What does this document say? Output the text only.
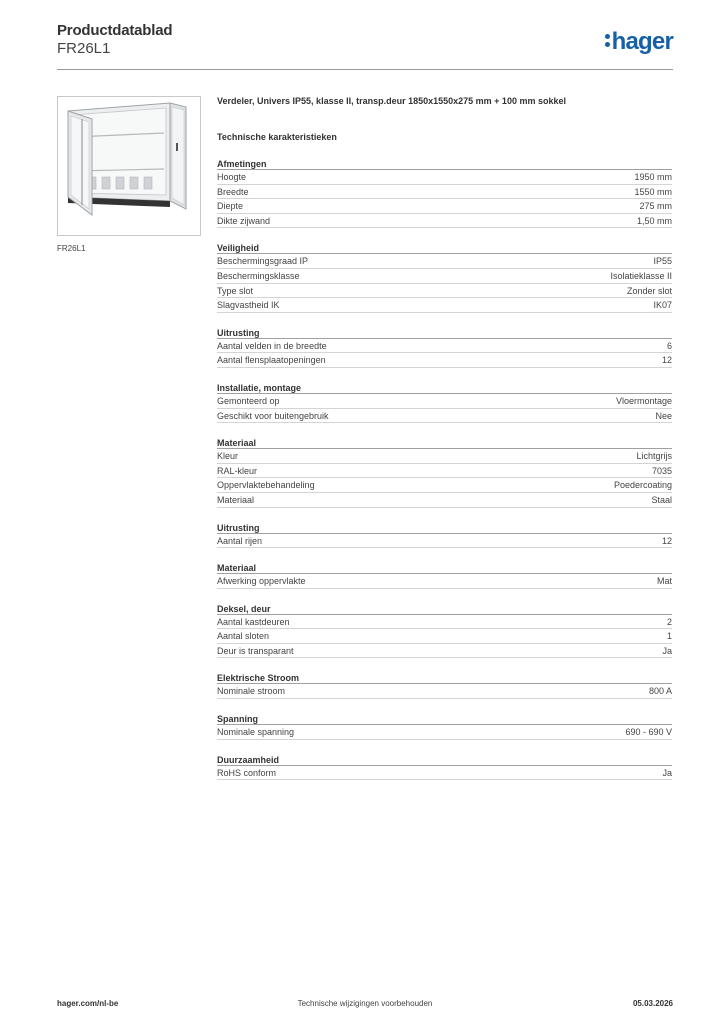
Productdatablad
FR26L1	hager
FR26L1
Verdeler, Univers IP55, klasse II, transp.deur 1850x1550x275 mm + 100 mm sokkel
Technische karakteristieken
Afmetingen
Hoogte	1950 mm
Breedte	1550 mm
Diepte	275 mm
Dikte zijwand	1,50 mm
Veiligheid
Beschermingsgraad IP	IP55
Beschermingsklasse	Isolatieklasse II
Type slot	Zonder slot
Slagvastheid IK	IK07
Uitrusting
Aantal velden in de breedte	6
Aantal flensplaatopeningen	12
Installatie, montage
Gemonteerd op	Vloermontage
Geschikt voor buitengebruik	Nee
Materiaal
Kleur	Lichtgrijs
RAL-kleur	7035
Oppervlaktebehandeling	Poedercoating
Materiaal	Staal
Uitrusting
Aantal rijen	12
Materiaal
Afwerking oppervlakte	Mat
Deksel, deur
Aantal kastdeuren	2
Aantal sloten	1
Deur is transparant	Ja
Elektrische Stroom
Nominale stroom	800 A
Spanning
Nominale spanning	690 - 690 V
Duurzaamheid
RoHS conform	Ja
hager.com/nl-be	Technische wijzigingen voorbehouden	05.03.2026
